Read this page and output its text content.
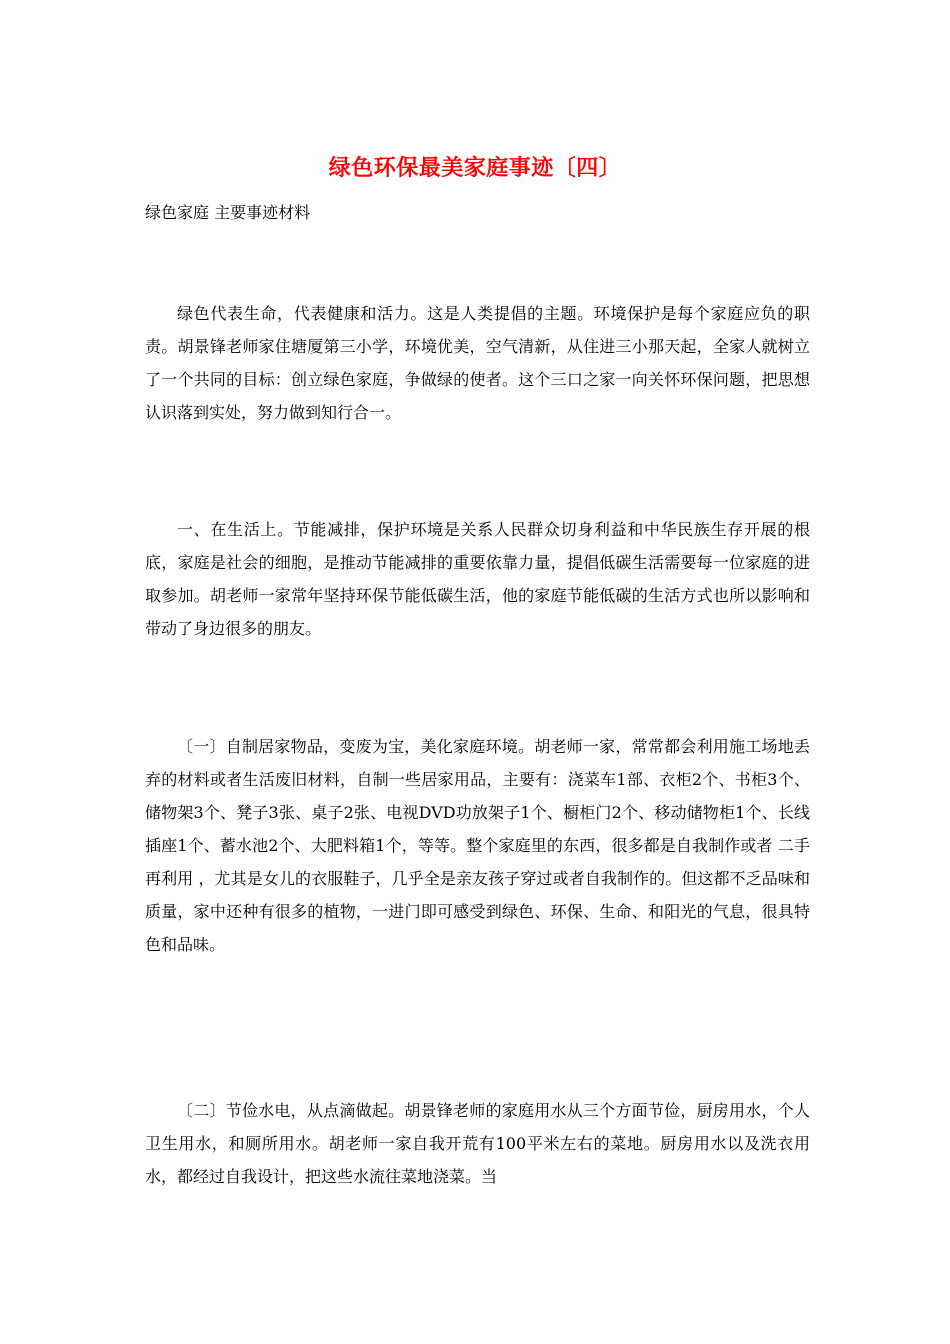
绿色环保最美家庭事迹〔四〕
绿色家庭 主要事迹材料

绿色代表生命，代表健康和活力。这是人类提倡的主题。环境保护是每个家庭应负的职责。胡景锋老师家住塘厦第三小学，环境优美，空气清新，从住进三小那天起，全家人就树立了一个共同的目标：创立绿色家庭，争做绿的使者。这个三口之家一向关怀环保问题，把思想认识落到实处，努力做到知行合一。

一、在生活上。节能减排，保护环境是关系人民群众切身利益和中华民族生存开展的根底，家庭是社会的细胞，是推动节能减排的重要依靠力量，提倡低碳生活需要每一位家庭的进取参加。胡老师一家常年坚持环保节能低碳生活，他的家庭节能低碳的生活方式也所以影响和带动了身边很多的朋友。

〔一〕自制居家物品，变废为宝，美化家庭环境。胡老师一家，常常都会利用施工场地丢弃的材料或者生活废旧材料，自制一些居家用品，主要有：浇菜车1部、衣柜2个、书柜3个、储物架3个、凳子3张、桌子2张、电视DVD功放架子1个、橱柜门2个、移动储物柜1个、长线插座1个、蓄水池2个、大肥料箱1个，等等。整个家庭里的东西，很多都是自我制作或者 二手再利用 ，尤其是女儿的衣服鞋子，几乎全是亲友孩子穿过或者自我制作的。但这都不乏品味和质量，家中还种有很多的植物，一进门即可感受到绿色、环保、生命、和阳光的气息，很具特色和品味。

〔二〕节俭水电，从点滴做起。胡景锋老师的家庭用水从三个方面节俭，厨房用水，个人卫生用水，和厕所用水。胡老师一家自我开荒有100平米左右的菜地。厨房用水以及洗衣用水，都经过自我设计，把这些水流往菜地浇菜。当
